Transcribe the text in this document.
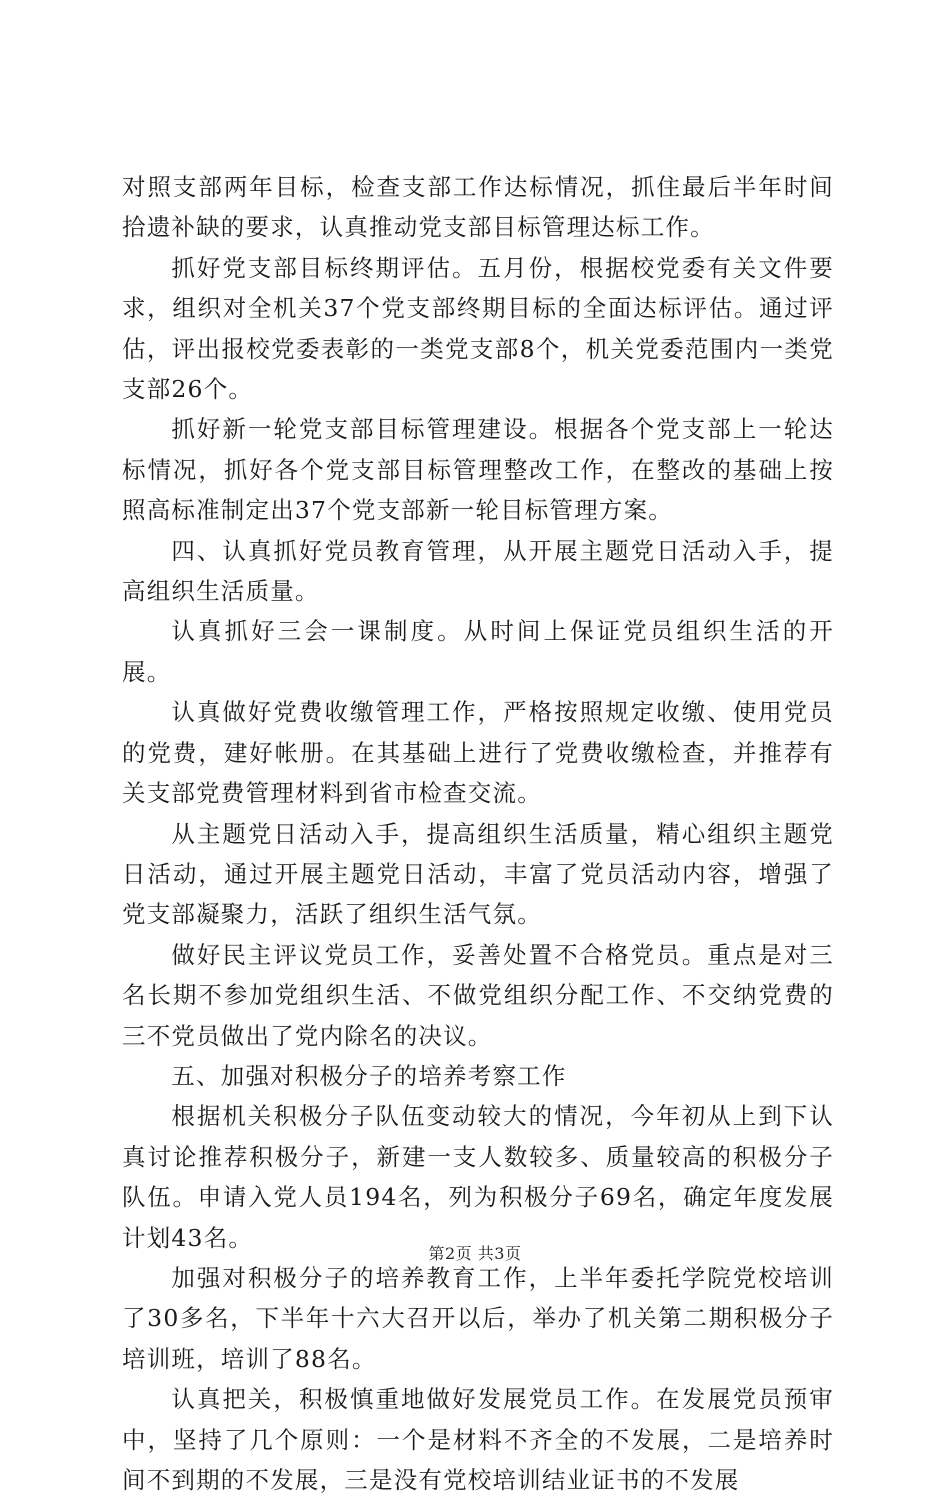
对照支部两年目标，检查支部工作达标情况，抓住最后半年时间拾遗补缺的要求，认真推动党支部目标管理达标工作。

抓好党支部目标终期评估。五月份，根据校党委有关文件要求，组织对全机关37个党支部终期目标的全面达标评估。通过评估，评出报校党委表彰的一类党支部8个，机关党委范围内一类党支部26个。

抓好新一轮党支部目标管理建设。根据各个党支部上一轮达标情况，抓好各个党支部目标管理整改工作，在整改的基础上按照高标准制定出37个党支部新一轮目标管理方案。

四、认真抓好党员教育管理，从开展主题党日活动入手，提高组织生活质量。

认真抓好三会一课制度。从时间上保证党员组织生活的开展。

认真做好党费收缴管理工作，严格按照规定收缴、使用党员的党费，建好帐册。在其基础上进行了党费收缴检查，并推荐有关支部党费管理材料到省市检查交流。

从主题党日活动入手，提高组织生活质量，精心组织主题党日活动，通过开展主题党日活动，丰富了党员活动内容，增强了党支部凝聚力，活跃了组织生活气氛。

做好民主评议党员工作，妥善处置不合格党员。重点是对三名长期不参加党组织生活、不做党组织分配工作、不交纳党费的三不党员做出了党内除名的决议。

五、加强对积极分子的培养考察工作

根据机关积极分子队伍变动较大的情况，今年初从上到下认真讨论推荐积极分子，新建一支人数较多、质量较高的积极分子队伍。申请入党人员194名，列为积极分子69名，确定年度发展计划43名。

加强对积极分子的培养教育工作，上半年委托学院党校培训了30多名，下半年十六大召开以后，举办了机关第二期积极分子培训班，培训了88名。

认真把关，积极慎重地做好发展党员工作。在发展党员预审中，坚持了几个原则：一个是材料不齐全的不发展，二是培养时间不到期的不发展，三是没有党校培训结业证书的不发展

第2页 共3页
